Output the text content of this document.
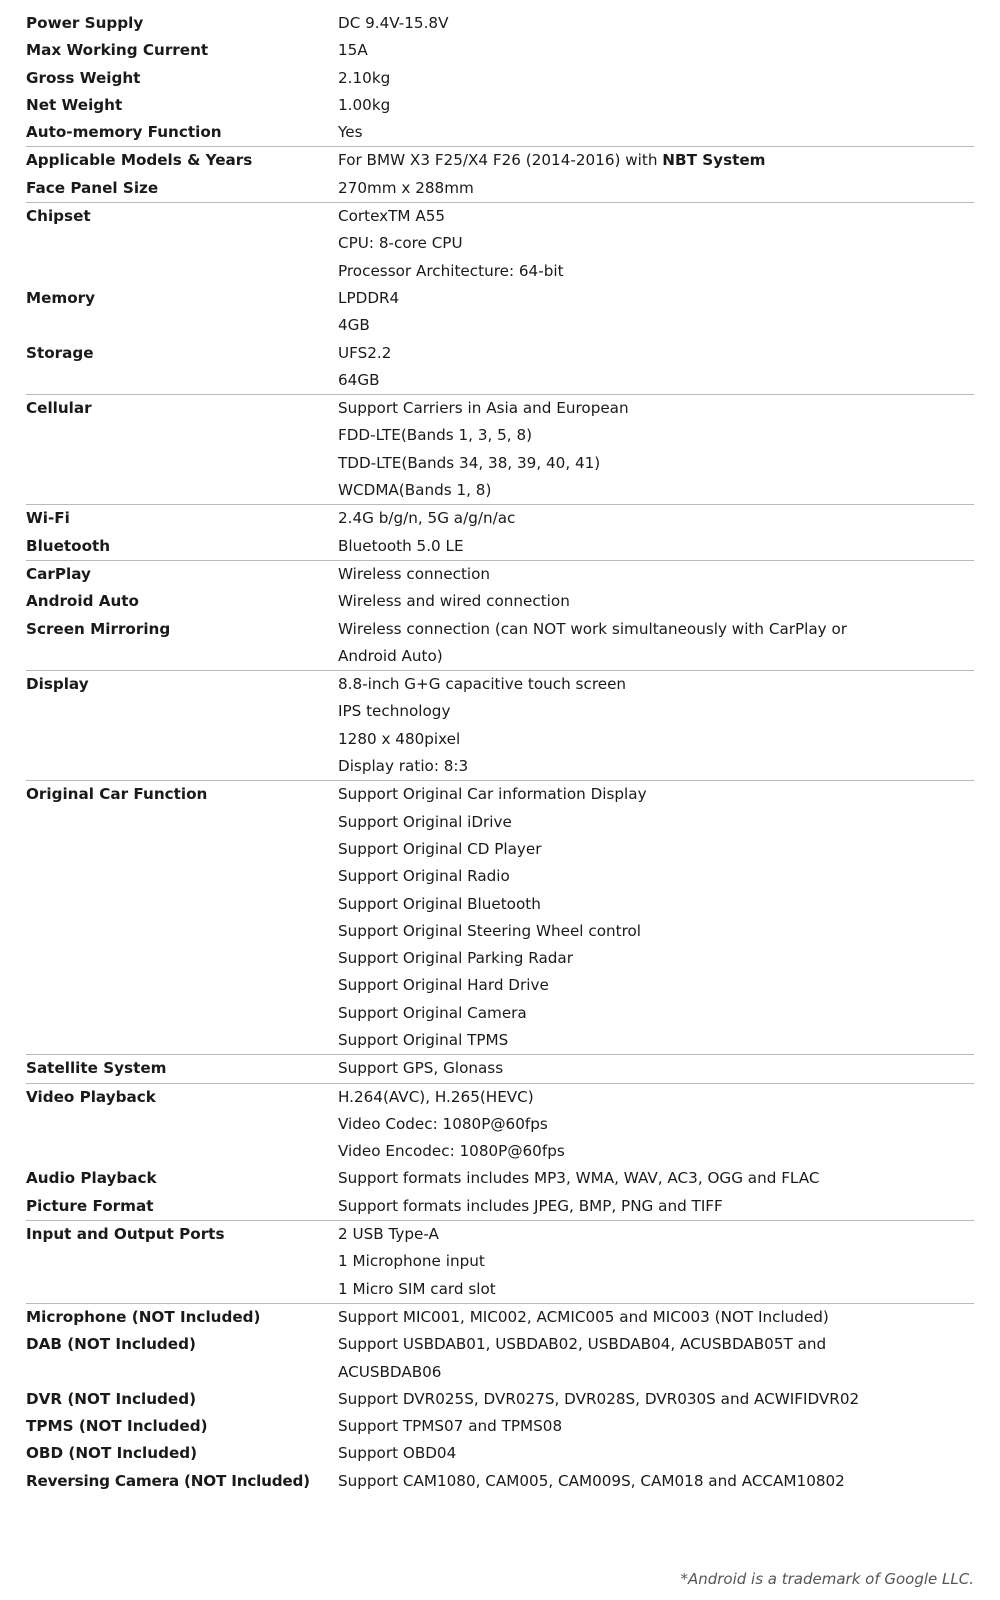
Power Supply	DC 9.4V-15.8V

Max Working Current	15A

Gross Weight	2.10kg

Net Weight	1.00kg

Auto-memory Function	Yes

Applicable Models & Years	For BMW X3 F25/X4 F26 (2014-2016) with NBT System

Face Panel Size	270mm x 288mm

Chipset	CortexTM A55
CPU: 8-core CPU
Processor Architecture: 64-bit

Memory	LPDDR4
4GB

Storage	UFS2.2
64GB

Cellular	Support Carriers in Asia and European
FDD-LTE(Bands 1, 3, 5, 8)
TDD-LTE(Bands 34, 38, 39, 40, 41)
WCDMA(Bands 1, 8)

Wi-Fi	2.4G b/g/n, 5G a/g/n/ac

Bluetooth	Bluetooth 5.0 LE

CarPlay	Wireless connection

Android Auto	Wireless and wired connection

Screen Mirroring	Wireless connection (can NOT work simultaneously with CarPlay or
Android Auto)

Display	8.8-inch G+G capacitive touch screen
IPS technology
1280 x 480pixel
Display ratio: 8:3

Original Car Function	Support Original Car information Display
Support Original iDrive
Support Original CD Player
Support Original Radio
Support Original Bluetooth
Support Original Steering Wheel control
Support Original Parking Radar
Support Original Hard Drive
Support Original Camera
Support Original TPMS

Satellite System	Support GPS, Glonass

Video Playback	H.264(AVC), H.265(HEVC)
Video Codec: 1080P@60fps
Video Encodec: 1080P@60fps

Audio Playback	Support formats includes MP3, WMA, WAV, AC3, OGG and FLAC

Picture Format	Support formats includes JPEG, BMP, PNG and TIFF

Input and Output Ports	2 USB Type-A
1 Microphone input
1 Micro SIM card slot

Microphone (NOT Included)	Support MIC001, MIC002, ACMIC005 and MIC003 (NOT Included)

DAB (NOT Included)	Support USBDAB01, USBDAB02, USBDAB04, ACUSBDAB05T and
ACUSBDAB06

DVR (NOT Included)	Support DVR025S, DVR027S, DVR028S, DVR030S and ACWIFIDVR02

TPMS (NOT Included)	Support TPMS07 and TPMS08

OBD (NOT Included)	Support OBD04

Reversing Camera (NOT Included)	Support CAM1080, CAM005, CAM009S, CAM018 and ACCAM10802
*Android is a trademark of Google LLC.
